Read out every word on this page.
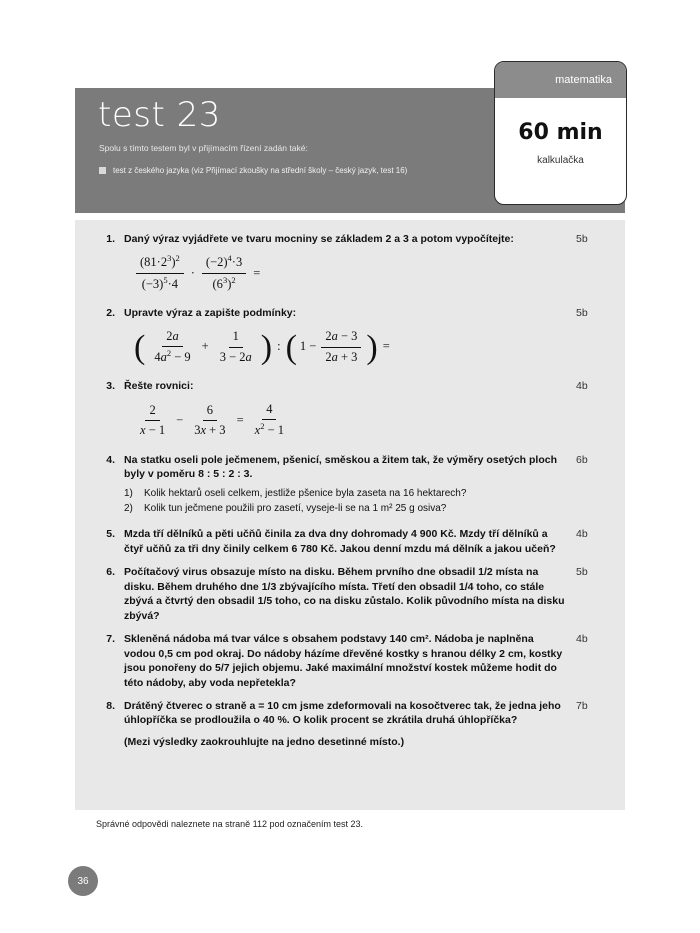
test 23
Spolu s tímto testem byl v přijímacím řízení zadán také:
test z českého jazyka (viz Přijímací zkoušky na střední školy – český jazyk, test 16)
matematika
60 min
kalkulačka
1. Daný výraz vyjádřete ve tvaru mocniny se základem 2 a 3 a potom vypočítejte:
$\frac{(81\cdot 2^3)^2}{(-3)^5\cdot 4} \cdot \frac{(-2)^4\cdot 3}{(6^3)^2}$ =
5b
2. Upravte výraz a zapište podmínky:
( $\frac{2a}{4a^2 - 9} + \frac{1}{3 - 2a}$ ) : ( $1 - \frac{2a - 3}{2a + 3}$ ) =
5b
3. Řešte rovnici:
$\frac{2}{x - 1} - \frac{6}{3x + 3} = \frac{4}{x^2 - 1}$
4b
4. Na statku oseli pole ječmenem, pšenicí, směskou a žitem tak, že výměry osetých ploch byly v poměru 8 : 5 : 2 : 3.
1)	Kolik hektarů oseli celkem, jestliže pšenice byla zaseta na 16 hektarech?
2)	Kolik tun ječmene použili pro zasetí, vyseje-li se na 1 m² 25 g osiva?
6b
5. Mzda tří dělníků a pěti učňů činila za dva dny dohromady 4 900 Kč. Mzdy tří dělníků a čtyř učňů za tři dny činily celkem 6 780 Kč. Jakou denní mzdu má dělník a jakou učeň?
4b
6. Počítačový virus obsazuje místo na disku. Během prvního dne obsadil 1/2 místa na disku. Během druhého dne 1/3 zbývajícího místa. Třetí den obsadil 1/4 toho, co stále zbývá a čtvrtý den obsadil 1/5 toho, co na disku zůstalo. Kolik původního místa na disku zbývá?
5b
7. Skleněná nádoba má tvar válce s obsahem podstavy 140 cm². Nádoba je naplněna vodou 0,5 cm pod okraj. Do nádoby házíme dřevěné kostky s hranou délky 2 cm, kostky jsou ponořeny do 5/7 jejich objemu. Jaké maximální množství kostek můžeme hodit do této nádoby, aby voda nepřetekla?
4b
8. Drátěný čtverec o straně a = 10 cm jsme zdeformovali na kosočtverec tak, že jedna jeho úhlopříčka se prodloužila o 40 %. O kolik procent se zkrátila druhá úhlopříčka?
(Mezi výsledky zaokrouhlujte na jedno desetinné místo.)
7b
Správné odpovědi naleznete na straně 112 pod označením test 23.
36
